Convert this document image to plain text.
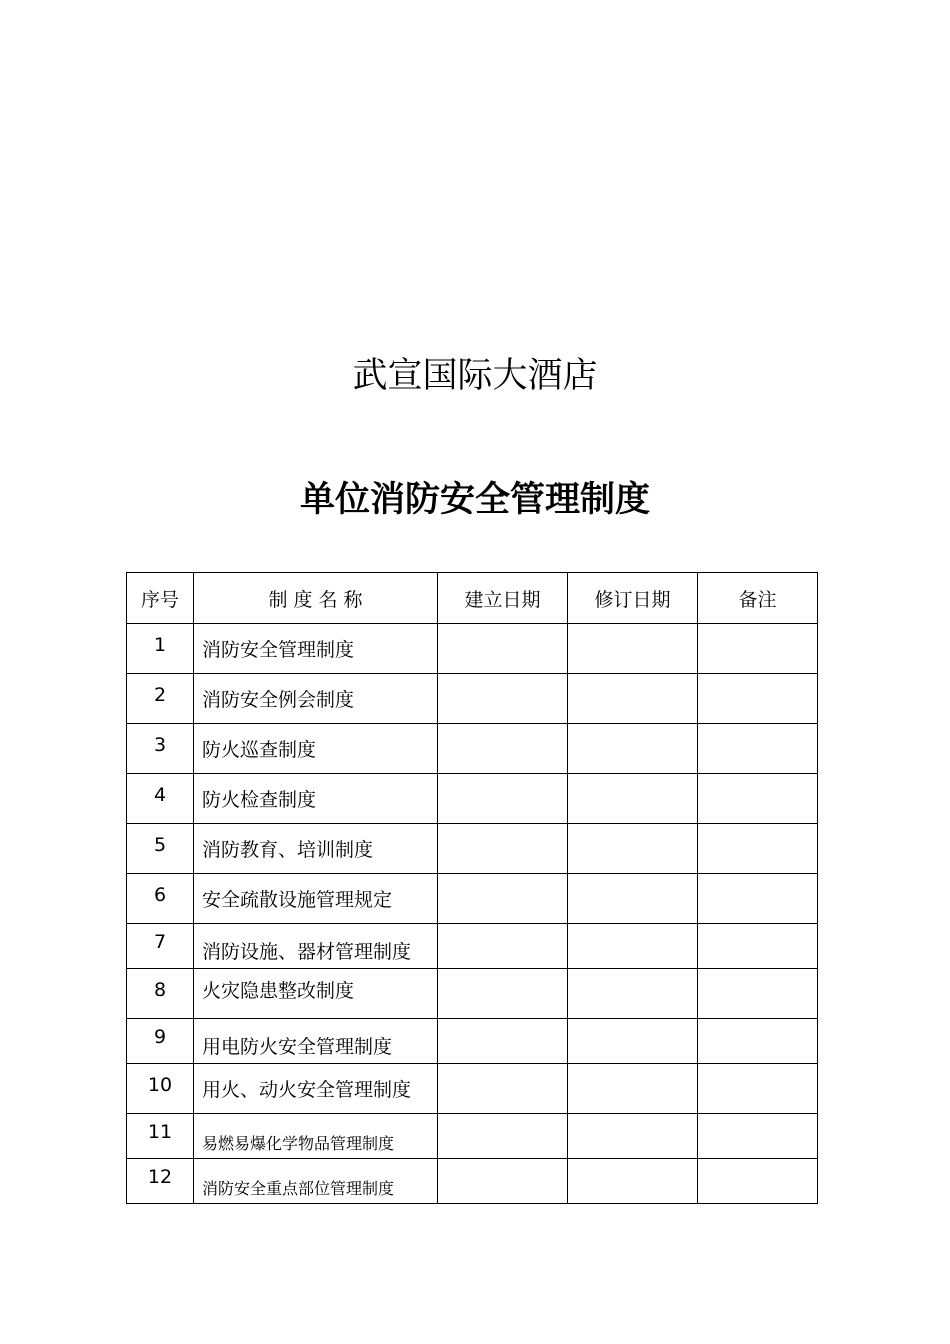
武宣国际大酒店
单位消防安全管理制度
序号	制 度 名 称	建立日期	修订日期	备注
1	消防安全管理制度			
2	消防安全例会制度			
3	防火巡查制度			
4	防火检查制度			
5	消防教育、培训制度			
6	安全疏散设施管理规定			
7	消防设施、器材管理制度			
8	火灾隐患整改制度			
9	用电防火安全管理制度			
10	用火、动火安全管理制度			
11	易燃易爆化学物品管理制度			
12	消防安全重点部位管理制度			
